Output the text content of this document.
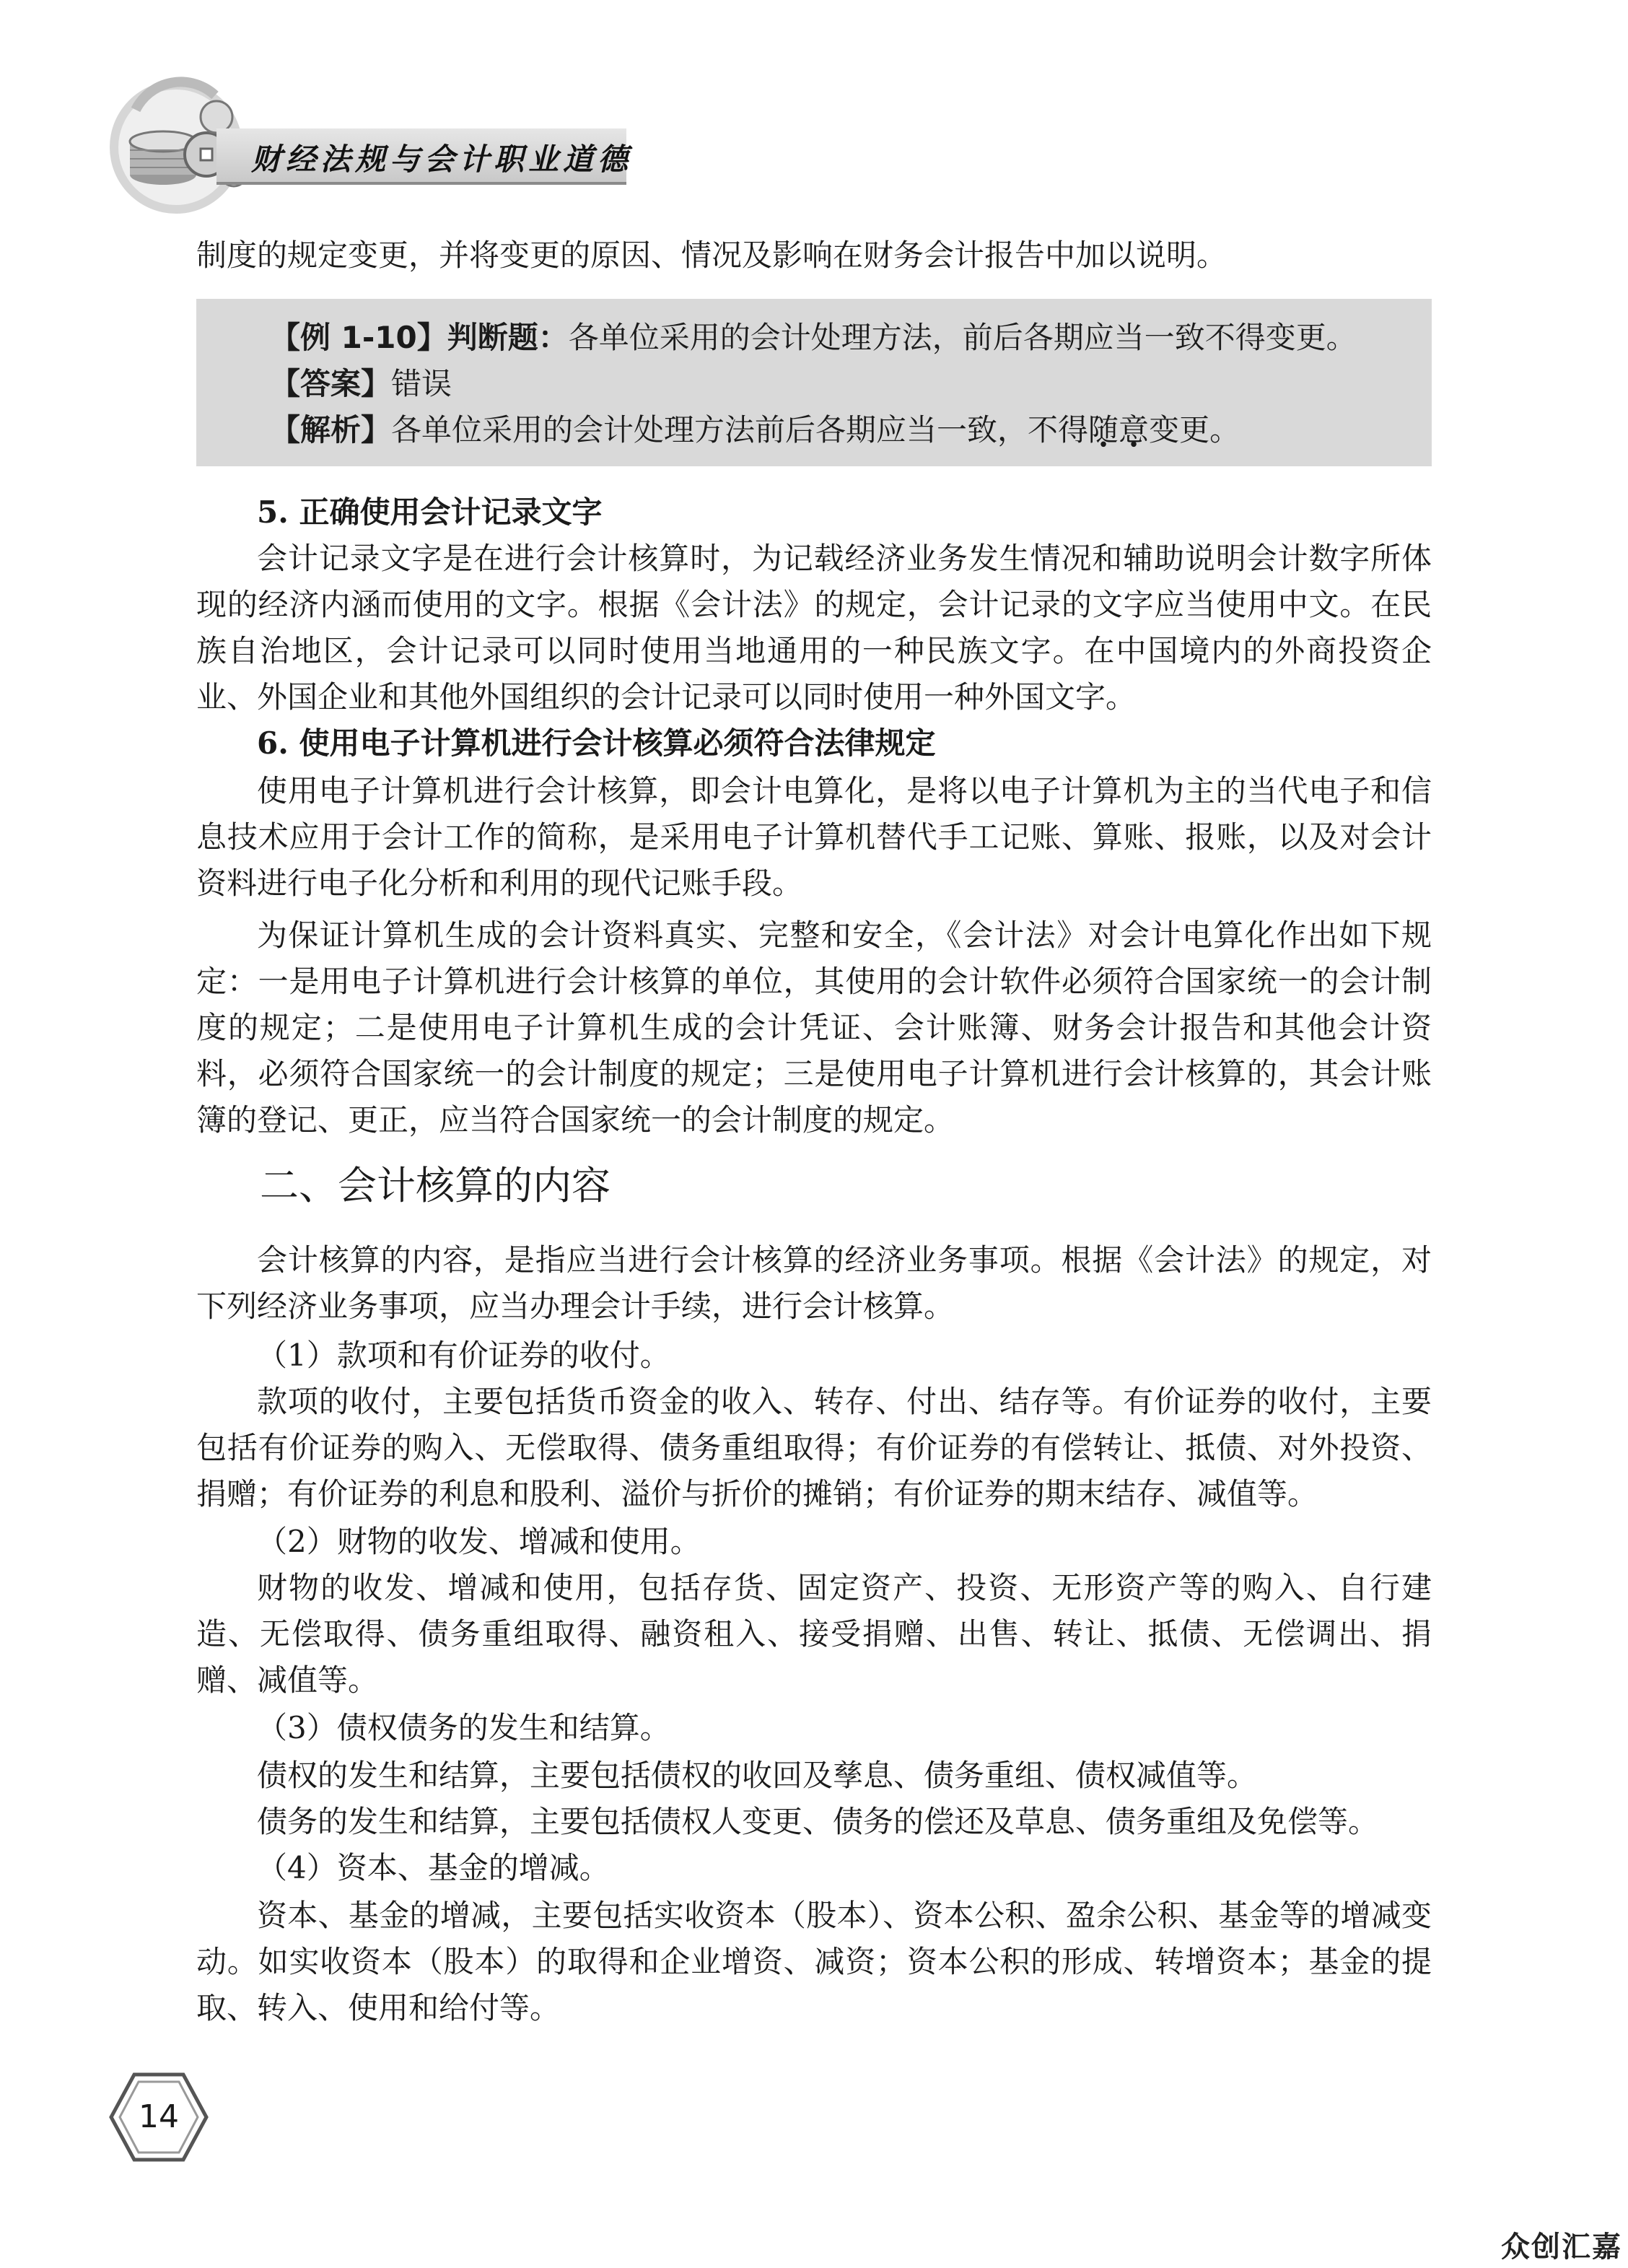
财经法规与会计职业道德

制度的规定变更，并将变更的原因、情况及影响在财务会计报告中加以说明。

【例 1-10】判断题：各单位采用的会计处理方法，前后各期应当一致不得变更。
【答案】错误
【解析】各单位采用的会计处理方法前后各期应当一致，不得随意变更。

5. 正确使用会计记录文字

会计记录文字是在进行会计核算时，为记载经济业务发生情况和辅助说明会计数字所体现的经济内涵而使用的文字。根据《会计法》的规定，会计记录的文字应当使用中文。在民族自治地区，会计记录可以同时使用当地通用的一种民族文字。在中国境内的外商投资企业、外国企业和其他外国组织的会计记录可以同时使用一种外国文字。

6. 使用电子计算机进行会计核算必须符合法律规定

使用电子计算机进行会计核算，即会计电算化，是将以电子计算机为主的当代电子和信息技术应用于会计工作的简称，是采用电子计算机替代手工记账、算账、报账，以及对会计资料进行电子化分析和利用的现代记账手段。

为保证计算机生成的会计资料真实、完整和安全，《会计法》对会计电算化作出如下规定：一是用电子计算机进行会计核算的单位，其使用的会计软件必须符合国家统一的会计制度的规定；二是使用电子计算机生成的会计凭证、会计账簿、财务会计报告和其他会计资料，必须符合国家统一的会计制度的规定；三是使用电子计算机进行会计核算的，其会计账簿的登记、更正，应当符合国家统一的会计制度的规定。

二、会计核算的内容

会计核算的内容，是指应当进行会计核算的经济业务事项。根据《会计法》的规定，对下列经济业务事项，应当办理会计手续，进行会计核算。

（1）款项和有价证券的收付。

款项的收付，主要包括货币资金的收入、转存、付出、结存等。有价证券的收付，主要包括有价证券的购入、无偿取得、债务重组取得；有价证券的有偿转让、抵债、对外投资、捐赠；有价证券的利息和股利、溢价与折价的摊销；有价证券的期末结存、减值等。

（2）财物的收发、增减和使用。

财物的收发、增减和使用，包括存货、固定资产、投资、无形资产等的购入、自行建造、无偿取得、债务重组取得、融资租入、接受捐赠、出售、转让、抵债、无偿调出、捐赠、减值等。

（3）债权债务的发生和结算。

债权的发生和结算，主要包括债权的收回及孳息、债务重组、债权减值等。

债务的发生和结算，主要包括债权人变更、债务的偿还及草息、债务重组及免偿等。

（4）资本、基金的增减。

资本、基金的增减，主要包括实收资本（股本）、资本公积、盈余公积、基金等的增减变动。如实收资本（股本）的取得和企业增资、减资；资本公积的形成、转增资本；基金的提取、转入、使用和给付等。

14
众创汇嘉
